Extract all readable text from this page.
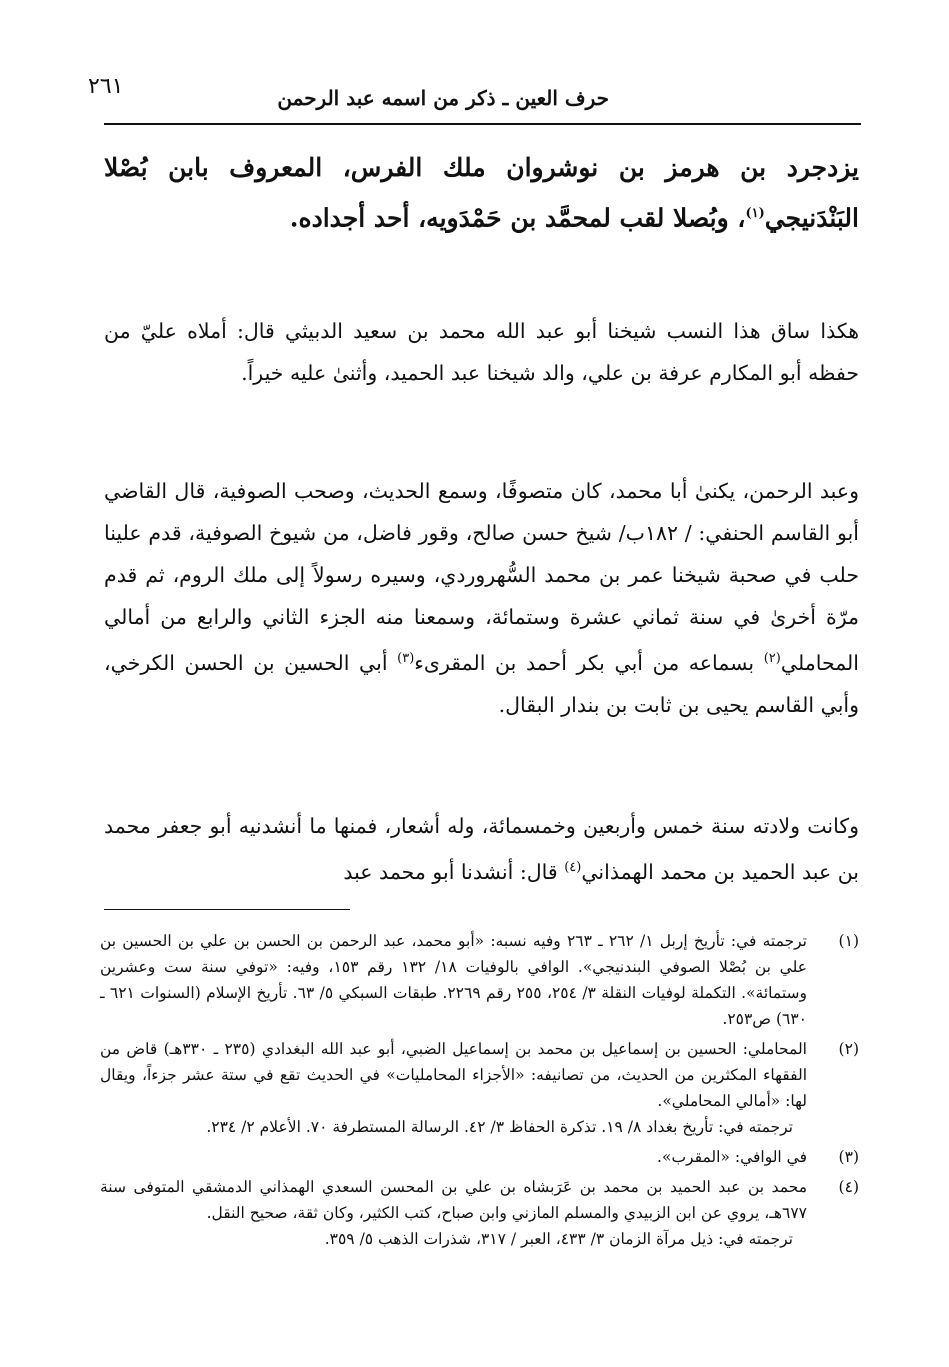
٢٦١	حرف العين ـ ذكر من اسمه عبد الرحمن

يزدجرد بن هرمز بن نوشروان ملك الفرس، المعروف بابن بُصْلا البَنْدَنيجي$^{(١)}$، وبُصلا لقب لمحمَّد بن حَمْدَويه، أحد أجداده.

هكذا ساق هذا النسب شيخنا أبو عبد الله محمد بن سعيد الدبيثي قال: أملاه عليّ من حفظه أبو المكارم عرفة بن علي، والد شيخنا عبد الحميد، وأثنىٰ عليه خيراً.

وعبد الرحمن، يكنىٰ أبا محمد، كان متصوفًا، وسمع الحديث، وصحب الصوفية، قال القاضي أبو القاسم الحنفي: / ١٨٢ب/ شيخ حسن صالح، وقور فاضل، من شيوخ الصوفية، قدم علينا حلب في صحبة شيخنا عمر بن محمد السُّهروردي، وسيره رسولاً إلى ملك الروم، ثم قدم مرّة أخرىٰ في سنة ثماني عشرة وستمائة، وسمعنا منه الجزء الثاني والرابع من أمالي المحاملي$^{(٢)}$ بسماعه من أبي بكر أحمد بن المقرىء$^{(٣)}$ أبي الحسين بن الحسن الكرخي، وأبي القاسم يحيى بن ثابت بن بندار البقال.

وكانت ولادته سنة خمس وأربعين وخمسمائة، وله أشعار، فمنها ما أنشدنيه أبو جعفر محمد بن عبد الحميد بن محمد الهمذاني$^{(٤)}$ قال: أنشدنا أبو محمد عبد

(١)
ترجمته في: تأريخ إربل ١/ ٢٦٢ ـ ٢٦٣ وفيه نسبه: «أبو محمد، عبد الرحمن بن الحسن بن علي بن الحسين بن علي بن بُصْلا الصوفي البندنيجي». الوافي بالوفيات ١٨/ ١٣٢ رقم ١٥٣، وفيه: «توفي سنة ست وعشرين وستمائة». التكملة لوفيات النقلة ٣/ ٢٥٤، ٢٥٥ رقم ٢٢٦٩. طبقات السبكي ٥/ ٦٣. تأريخ الإسلام (السنوات ٦٢١ ـ ٦٣٠) ص٢٥٣.
(٢)
المحاملي: الحسين بن إسماعيل بن محمد بن إسماعيل الضبي، أبو عبد الله البغدادي (٢٣٥ ـ ٣٣٠هـ) قاض من الفقهاء المكثرين من الحديث، من تصانيفه: «الأجزاء المحامليات» في الحديث تقع في ستة عشر جزءاً، ويقال لها: «أمالي المحاملي».
ترجمته في: تأريخ بغداد ٨/ ١٩. تذكرة الحفاظ ٣/ ٤٢. الرسالة المستطرفة ٧٠. الأعلام ٢/ ٢٣٤.
(٣)
في الوافي: «المقرب».
(٤)
محمد بن عبد الحميد بن محمد بن عَرَبشاه بن علي بن المحسن السعدي الهمذاني الدمشقي المتوفى سنة ٦٧٧هـ، يروي عن ابن الزبيدي والمسلم المازني وابن صباح، كتب الكثير، وكان ثقة، صحيح النقل.
ترجمته في: ذيل مرآة الزمان ٣/ ٤٣٣، العبر / ٣١٧، شذرات الذهب ٥/ ٣٥٩.
